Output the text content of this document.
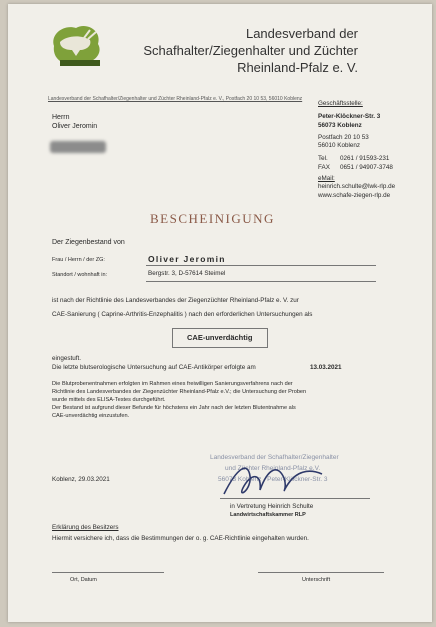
Landesverband der
Schafhalter/Ziegenhalter und Züchter
Rheinland-Pfalz e. V.
Landesverband der Schafhalter/Ziegenhalter und Züchter Rheinland-Pfalz e. V., Postfach 20 10 53, 56010 Koblenz
Herrn
Oliver Jeromin
Geschäftsstelle:
Peter-Klöckner-Str. 3
56073 Koblenz
Postfach 20 10 53
56010 Koblenz
Tel. 0261 / 91593-231
FAX 0651 / 94907-3748
eMail:
heinrich.schulte@lwk-rlp.de
www.schafe-ziegen-rlp.de
BESCHEINIGUNG
Der Ziegenbestand von
Frau / Herrn / der ZG:	Oliver Jeromin
Standort / wohnhaft in:	Bergstr. 3, D-57614 Steimel
ist nach der Richtlinie des Landesverbandes der Ziegenzüchter Rheinland-Pfalz e. V. zur
CAE-Sanierung ( Caprine-Arthritis-Enzephalitis ) nach den erforderlichen Untersuchungen als
CAE-unverdächtig
eingestuft.
Die letzte blutserologische Untersuchung auf CAE-Antikörper erfolgte am	13.03.2021
Die Blutprobenentnahmen erfolgten im Rahmen eines freiwilligen Sanierungsverfahrens nach der
Richtlinie des Landesverbandes der Ziegenzüchter Rheinland-Pfalz e.V.; die Untersuchung der Proben
wurde mittels des ELISA-Testes durchgeführt.
Der Bestand ist aufgrund dieser Befunde für höchstens ein Jahr nach der letzten Blutentnahme als
CAE-unverdächtig einzustufen.
Koblenz, 29.03.2021
Landesverband der Schafhalter/Ziegenhalter
und Züchter Rheinland-Pfalz e.V.
56073 Koblenz · Peter-Klöckner-Str. 3
in Vertretung Heinrich Schulte
Landwirtschaftskammer RLP
Erklärung des Besitzers
Hiermit versichere ich, dass die Bestimmungen der o. g. CAE-Richtlinie eingehalten wurden.
Ort, Datum	Unterschrift
